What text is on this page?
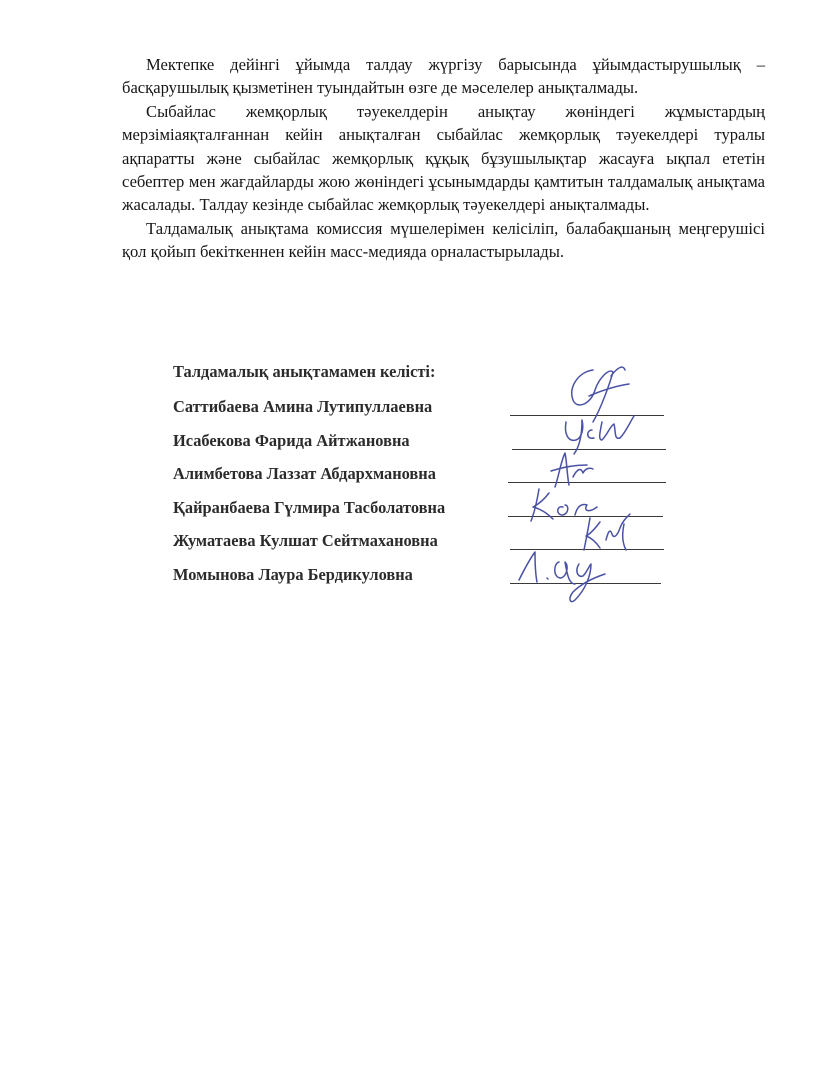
Мектепке дейінгі ұйымда талдау жүргізу барысында ұйымдастырушылық – басқарушылық қызметінен туындайтын өзге де мәселелер анықталмады.

Сыбайлас жемқорлық тәуекелдерін анықтау жөніндегі жұмыстардың мерзіміаяқталғаннан кейін анықталған сыбайлас жемқорлық тәуекелдері туралы ақпаратты және сыбайлас жемқорлық құқық бұзушылықтар жасауға ықпал ететін себептер мен жағдайларды жою жөніндегі ұсынымдарды қамтитын талдамалық анықтама жасалады. Талдау кезінде сыбайлас жемқорлық тәуекелдері анықталмады.

Талдамалық анықтама комиссия мүшелерімен келісіліп, балабақшаның меңгерушісі қол қойып бекіткеннен кейін масс-медияда орналастырылады.

Талдамалық анықтамамен келісті:
Саттибаева Амина Лутипуллаевна
Исабекова Фарида Айтжановна
Алимбетова Лаззат Абдархмановна
Қайранбаева Гүлмира Тасболатовна
Жуматаева Кулшат Сейтмахановна
Момынова Лаура Бердикуловна
